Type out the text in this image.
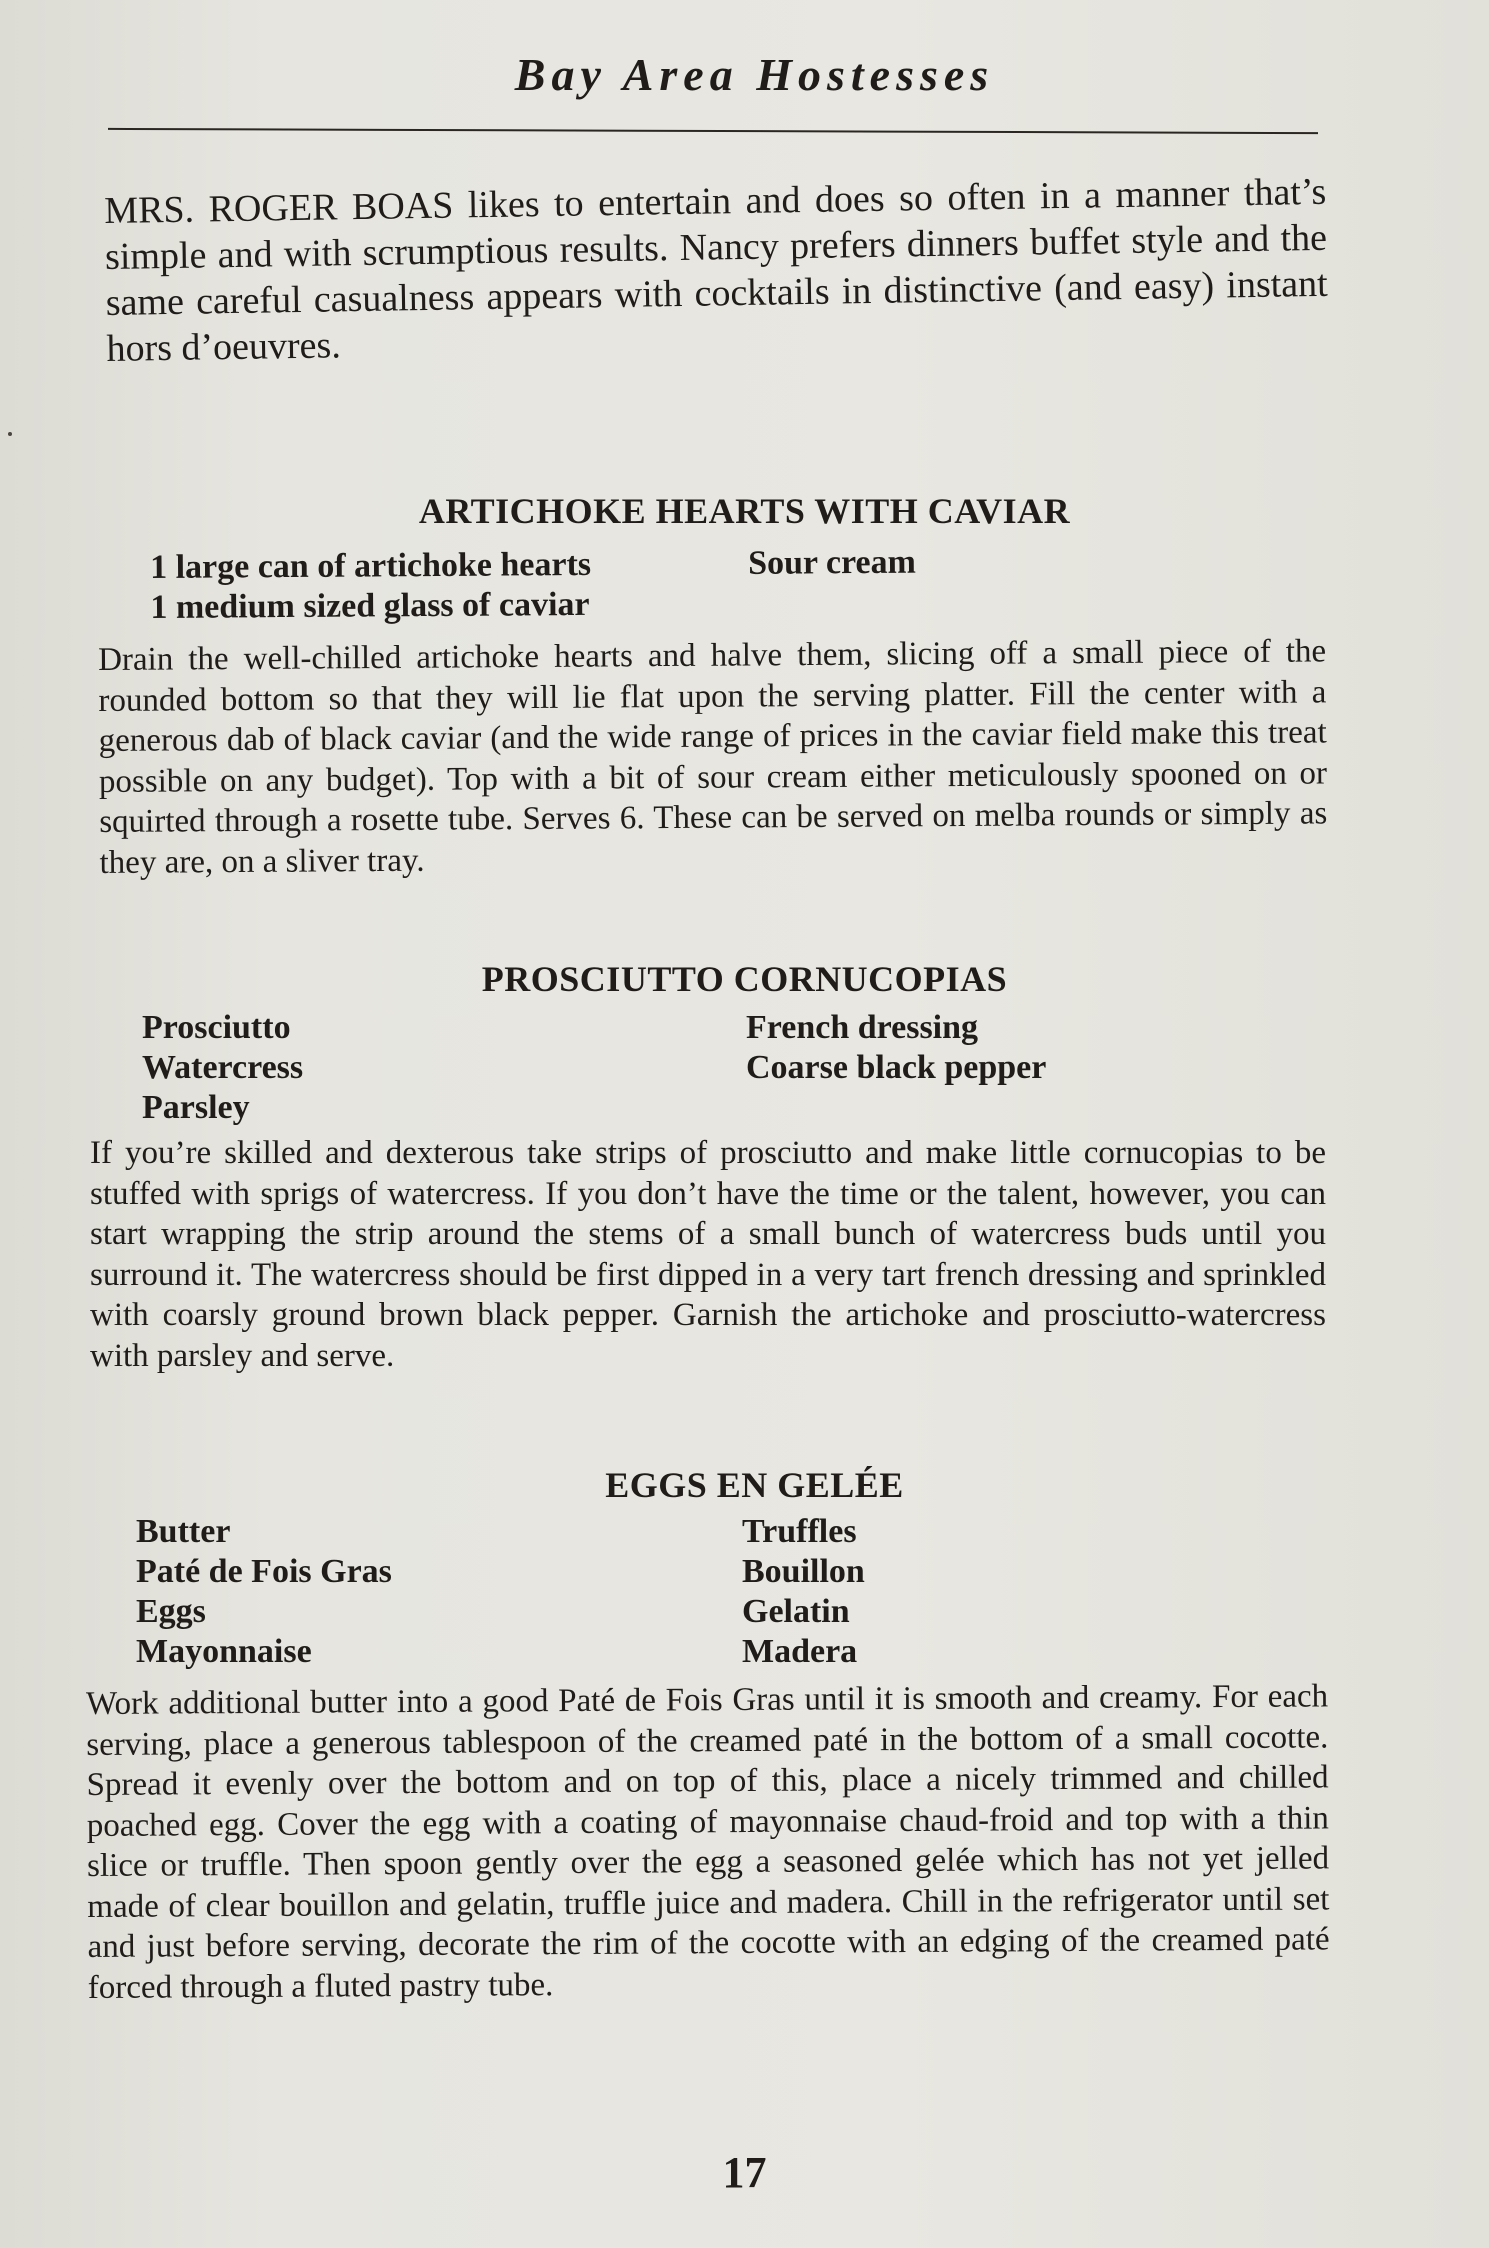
Bay Area Hostesses
MRS. ROGER BOAS likes to entertain and does so often in a manner that’s simple and with scrumptious results. Nancy prefers dinners buffet style and the same careful casualness appears with cocktails in distinctive (and easy) instant hors d’oeuvres.
ARTICHOKE HEARTS WITH CAVIAR
1 large can of artichoke hearts
1 medium sized glass of caviar
Sour cream
Drain the well-chilled artichoke hearts and halve them, slicing off a small piece of the rounded bottom so that they will lie flat upon the serving platter. Fill the center with a generous dab of black caviar (and the wide range of prices in the caviar field make this treat possible on any budget). Top with a bit of sour cream either meticulously spooned on or squirted through a rosette tube. Serves 6. These can be served on melba rounds or simply as they are, on a sliver tray.
PROSCIUTTO CORNUCOPIAS
Prosciutto
Watercress
Parsley
French dressing
Coarse black pepper
If you’re skilled and dexterous take strips of prosciutto and make little cornucopias to be stuffed with sprigs of watercress. If you don’t have the time or the talent, however, you can start wrapping the strip around the stems of a small bunch of watercress buds until you surround it. The watercress should be first dipped in a very tart french dressing and sprinkled with coarsly ground brown black pepper. Garnish the artichoke and prosciutto-watercress with parsley and serve.
EGGS EN GELÉE
Butter
Paté de Fois Gras
Eggs
Mayonnaise
Truffles
Bouillon
Gelatin
Madera
Work additional butter into a good Paté de Fois Gras until it is smooth and creamy. For each serving, place a generous tablespoon of the creamed paté in the bottom of a small cocotte. Spread it evenly over the bottom and on top of this, place a nicely trimmed and chilled poached egg. Cover the egg with a coating of mayonnaise chaud-froid and top with a thin slice or truffle. Then spoon gently over the egg a seasoned gelée which has not yet jelled made of clear bouillon and gelatin, truffle juice and madera. Chill in the refrigerator until set and just before serving, decorate the rim of the cocotte with an edging of the creamed paté forced through a fluted pastry tube.
17
